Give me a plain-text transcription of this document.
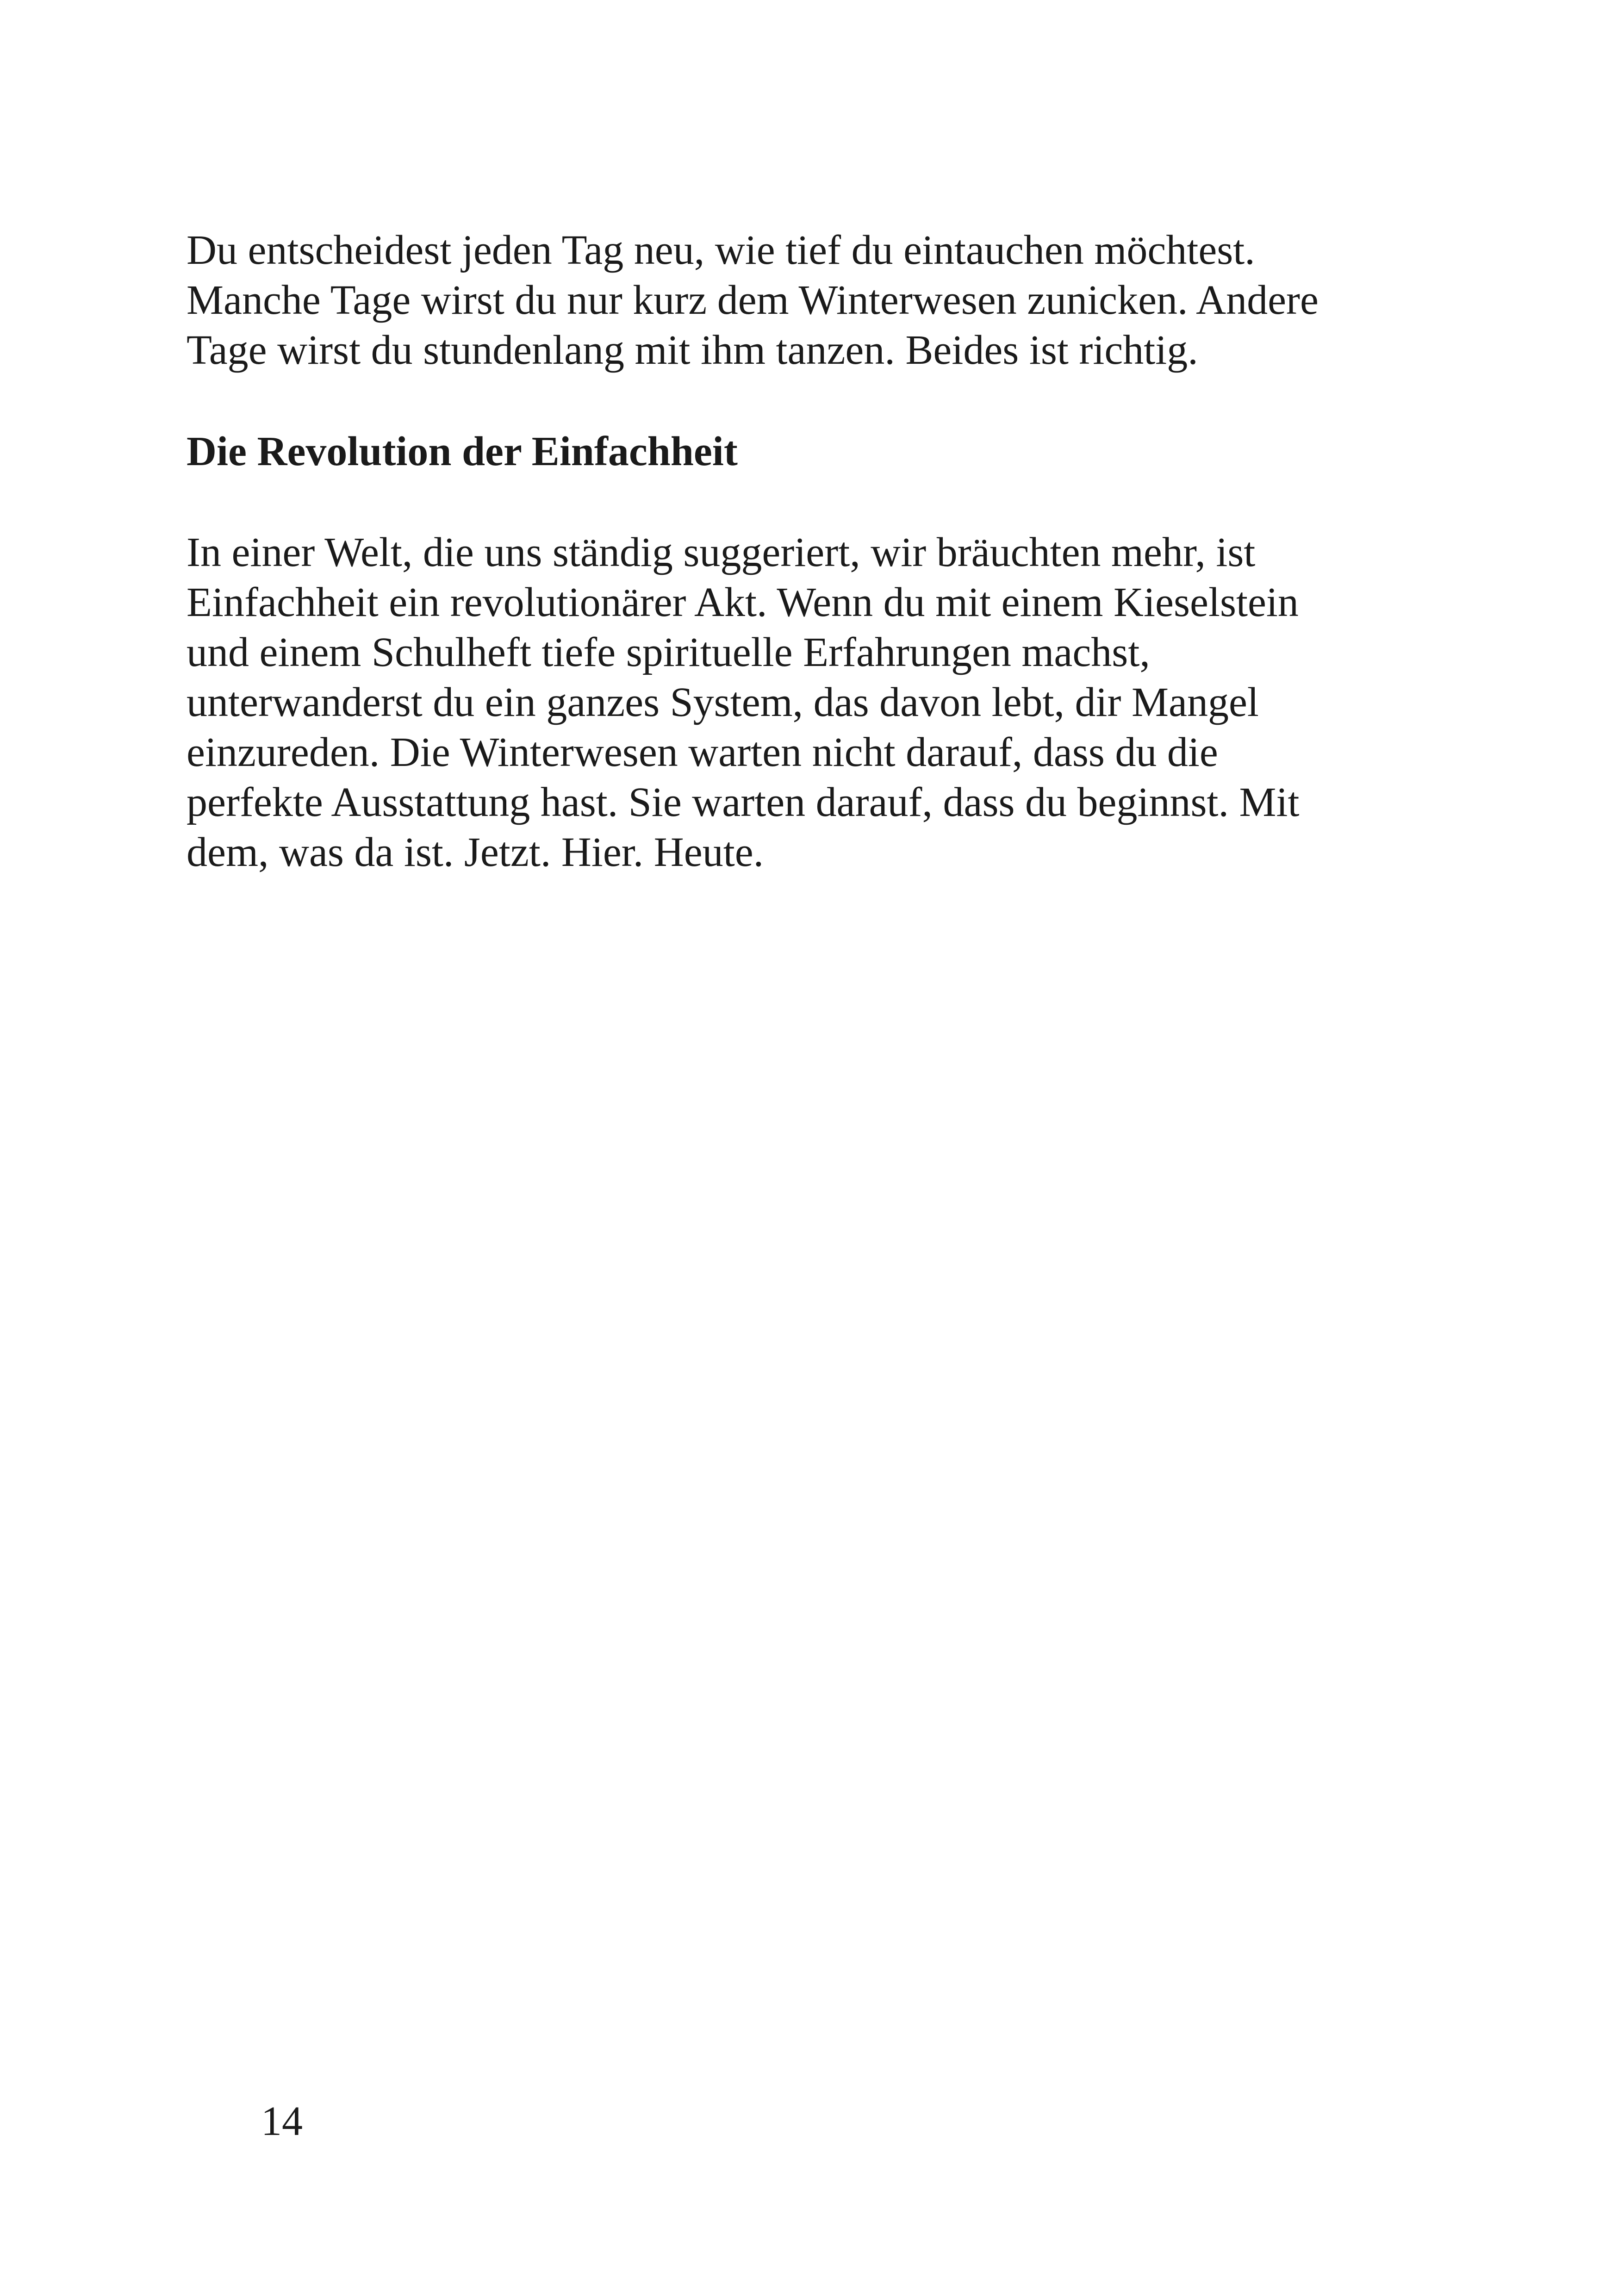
Du entscheidest jeden Tag neu, wie tief du eintauchen möchtest.
Manche Tage wirst du nur kurz dem Winterwesen zunicken. Andere
Tage wirst du stundenlang mit ihm tanzen. Beides ist richtig.
Die Revolution der Einfachheit
In einer Welt, die uns ständig suggeriert, wir bräuchten mehr, ist
Einfachheit ein revolutionärer Akt. Wenn du mit einem Kieselstein
und einem Schulheft tiefe spirituelle Erfahrungen machst,
unterwanderst du ein ganzes System, das davon lebt, dir Mangel
einzureden. Die Winterwesen warten nicht darauf, dass du die
perfekte Ausstattung hast. Sie warten darauf, dass du beginnst. Mit
dem, was da ist. Jetzt. Hier. Heute.
14
